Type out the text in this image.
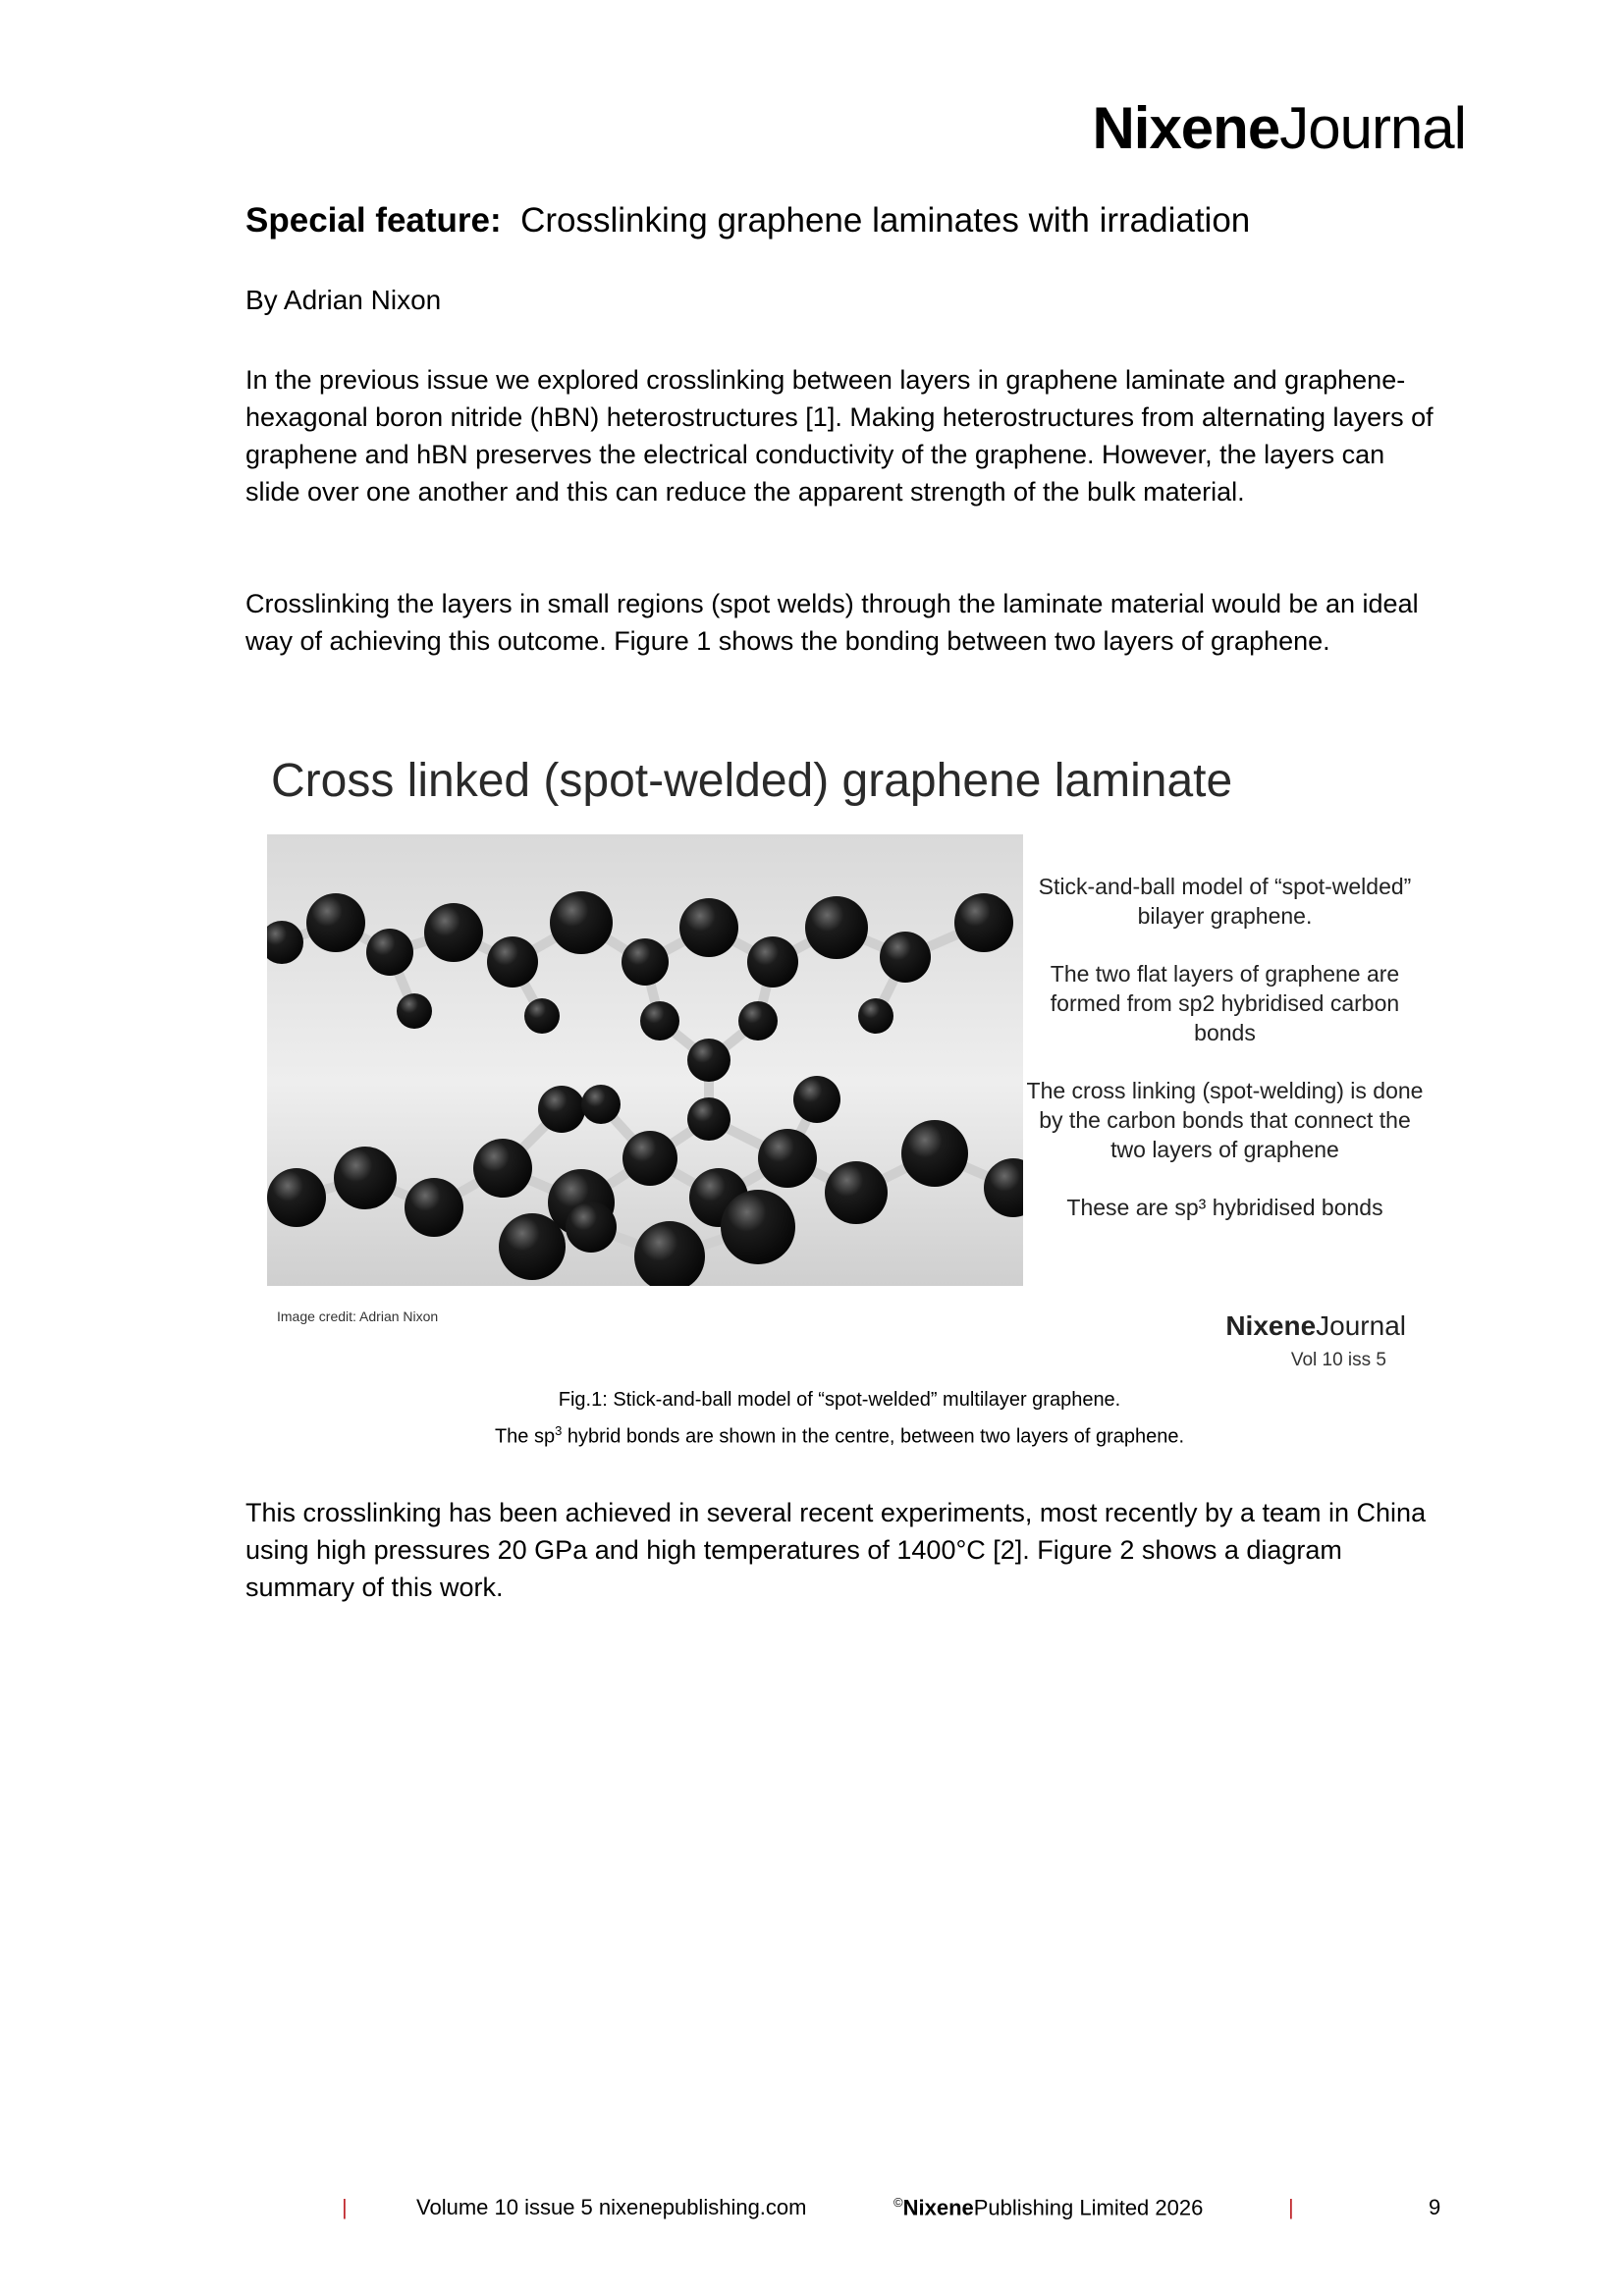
NixeneJournal
Special feature: Crosslinking graphene laminates with irradiation
By Adrian Nixon

In the previous issue we explored crosslinking between layers in graphene laminate and graphene-hexagonal boron nitride (hBN) heterostructures [1]. Making heterostructures from alternating layers of graphene and hBN preserves the electrical conductivity of the graphene. However, the layers can slide over one another and this can reduce the apparent strength of the bulk material.

Crosslinking the layers in small regions (spot welds) through the laminate material would be an ideal way of achieving this outcome. Figure 1 shows the bonding between two layers of graphene.

Cross linked (spot-welded) graphene laminate
Image credit: Adrian Nixon

Stick-and-ball model of “spot-welded” bilayer graphene.

The two flat layers of graphene are formed from sp2 hybridised carbon bonds

The cross linking (spot-welding) is done by the carbon bonds that connect the two layers of graphene

These are sp³ hybridised bonds

NixeneJournal
Vol 10 iss 5
Fig.1: Stick-and-ball model of “spot-welded” multilayer graphene.
The $sp^3$ hybrid bonds are shown in the centre, between two layers of graphene.

This crosslinking has been achieved in several recent experiments, most recently by a team in China using high pressures 20 GPa and high temperatures of 1400°C [2]. Figure 2 shows a diagram summary of this work.

|	Volume 10 issue 5 nixenepublishing.com	©NixenePublishing Limited 2026	|	9
